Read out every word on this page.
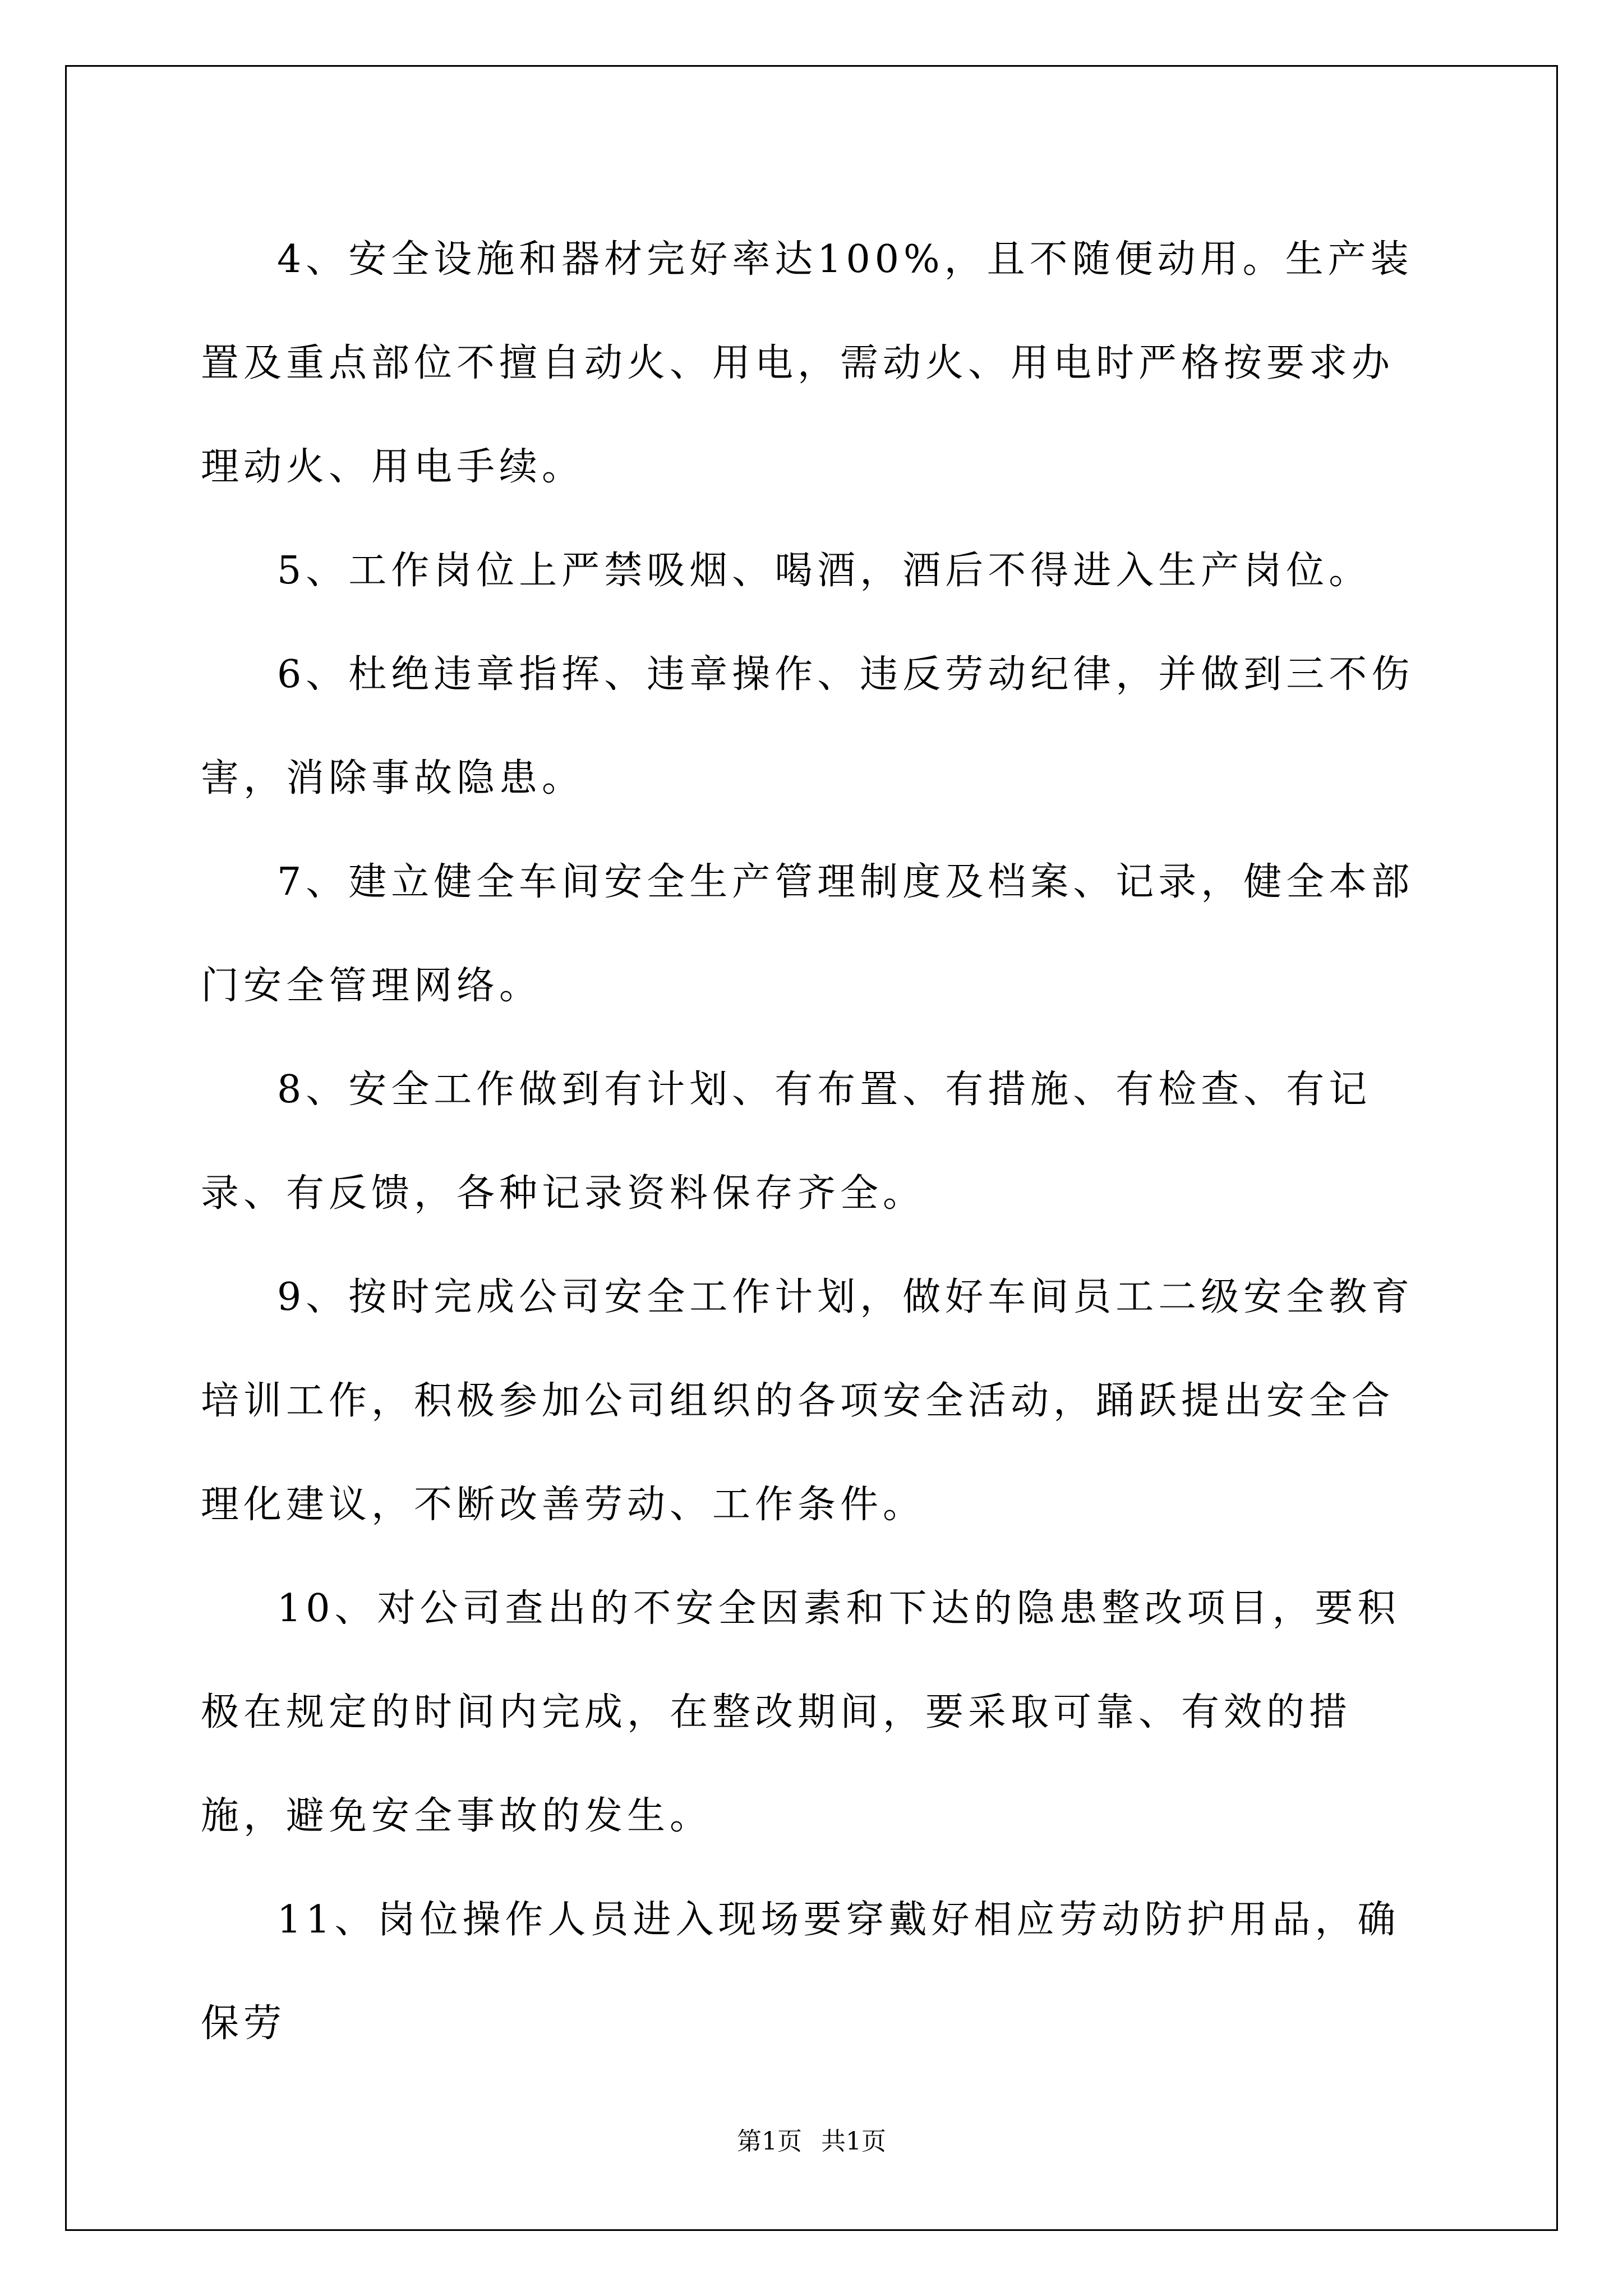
4、安全设施和器材完好率达100%，且不随便动用。生产装置及重点部位不擅自动火、用电，需动火、用电时严格按要求办理动火、用电手续。

5、工作岗位上严禁吸烟、喝酒，酒后不得进入生产岗位。

6、杜绝违章指挥、违章操作、违反劳动纪律，并做到三不伤害，消除事故隐患。

7、建立健全车间安全生产管理制度及档案、记录，健全本部门安全管理网络。

8、安全工作做到有计划、有布置、有措施、有检查、有记录、有反馈，各种记录资料保存齐全。

9、按时完成公司安全工作计划，做好车间员工二级安全教育培训工作，积极参加公司组织的各项安全活动，踊跃提出安全合理化建议，不断改善劳动、工作条件。

10、对公司查出的不安全因素和下达的隐患整改项目，要积极在规定的时间内完成，在整改期间，要采取可靠、有效的措施，避免安全事故的发生。

11、岗位操作人员进入现场要穿戴好相应劳动防护用品，确保劳

第1页 共1页
